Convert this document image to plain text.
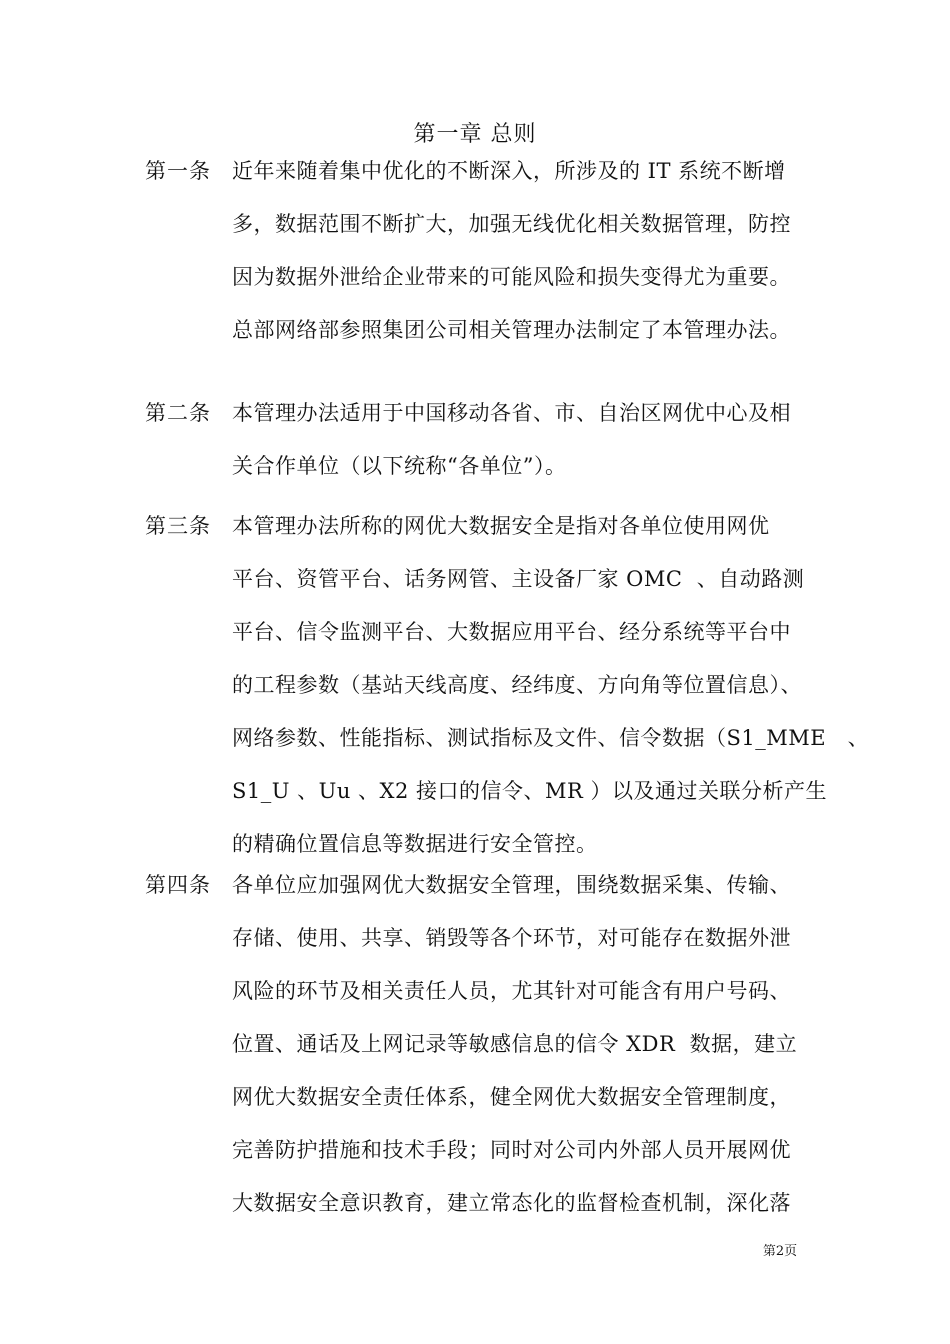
第一章 总则
第一条 近年来随着集中优化的不断深入，所涉及的 IT 系统不断增
多，数据范围不断扩大，加强无线优化相关数据管理，防控
因为数据外泄给企业带来的可能风险和损失变得尤为重要。
总部网络部参照集团公司相关管理办法制定了本管理办法。
第二条 本管理办法适用于中国移动各省、市、自治区网优中心及相
关合作单位（以下统称“各单位”）。
第三条 本管理办法所称的网优大数据安全是指对各单位使用网优
平台、资管平台、话务网管、主设备厂家 OMC  、自动路测
平台、信令监测平台、大数据应用平台、经分系统等平台中
的工程参数（基站天线高度、经纬度、方向角等位置信息）、
网络参数、性能指标、测试指标及文件、信令数据（S1_MME   、
S1_U 、Uu 、X2 接口的信令、MR ）以及通过关联分析产生
的精确位置信息等数据进行安全管控。
第四条 各单位应加强网优大数据安全管理，围绕数据采集、传输、
存储、使用、共享、销毁等各个环节，对可能存在数据外泄
风险的环节及相关责任人员，尤其针对可能含有用户号码、
位置、通话及上网记录等敏感信息的信令 XDR  数据，建立
网优大数据安全责任体系，健全网优大数据安全管理制度，
完善防护措施和技术手段；同时对公司内外部人员开展网优
大数据安全意识教育，建立常态化的监督检查机制，深化落
第2页
